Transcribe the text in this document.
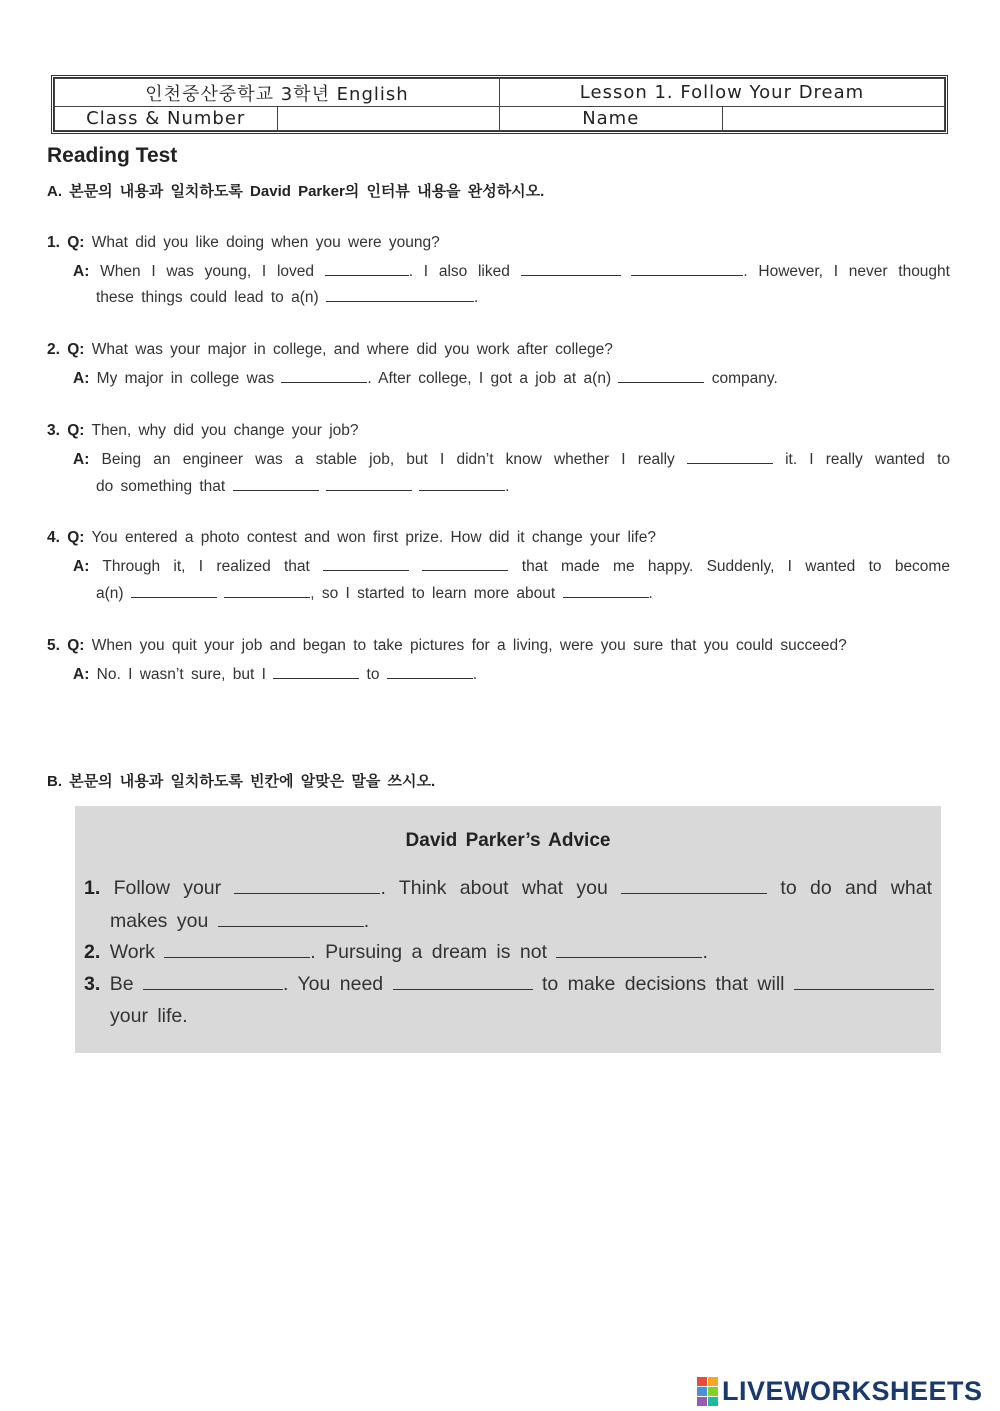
인천중산중학교 3학년 English		Lesson 1. Follow Your Dream	
Class & Number		Name	
Reading Test
A. 본문의 내용과 일치하도록 David Parker의 인터뷰 내용을 완성하시오.
1. Q: What did you like doing when you were young?
A: When I was young, I loved	. I also liked	. However, I never thought
these things could lead to a(n)	.
2. Q: What was your major in college, and where did you work after college?
A: My major in college was	. After college, I got a job at a(n)	company.
3. Q: Then, why did you change your job?
A: Being an engineer was a stable job, but I didn’t know whether I really	it. I really wanted to
do something that	.
4. Q: You entered a photo contest and won first prize. How did it change your life?
A: Through it, I realized that	that made me happy. Suddenly, I wanted to become
a(n)	, so I started to learn more about	.
5. Q: When you quit your job and began to take pictures for a living, were you sure that you could succeed?
A: No. I wasn’t sure, but I	to	.
B. 본문의 내용과 일치하도록 빈칸에 알맞은 말을 쓰시오.
David Parker’s Advice
1. Follow your	. Think about what you	to do and what
makes you	.
2. Work	. Pursuing a dream is not	.
3. Be	. You need	to make decisions that will
your life.
LIVEWORKSHEETS
